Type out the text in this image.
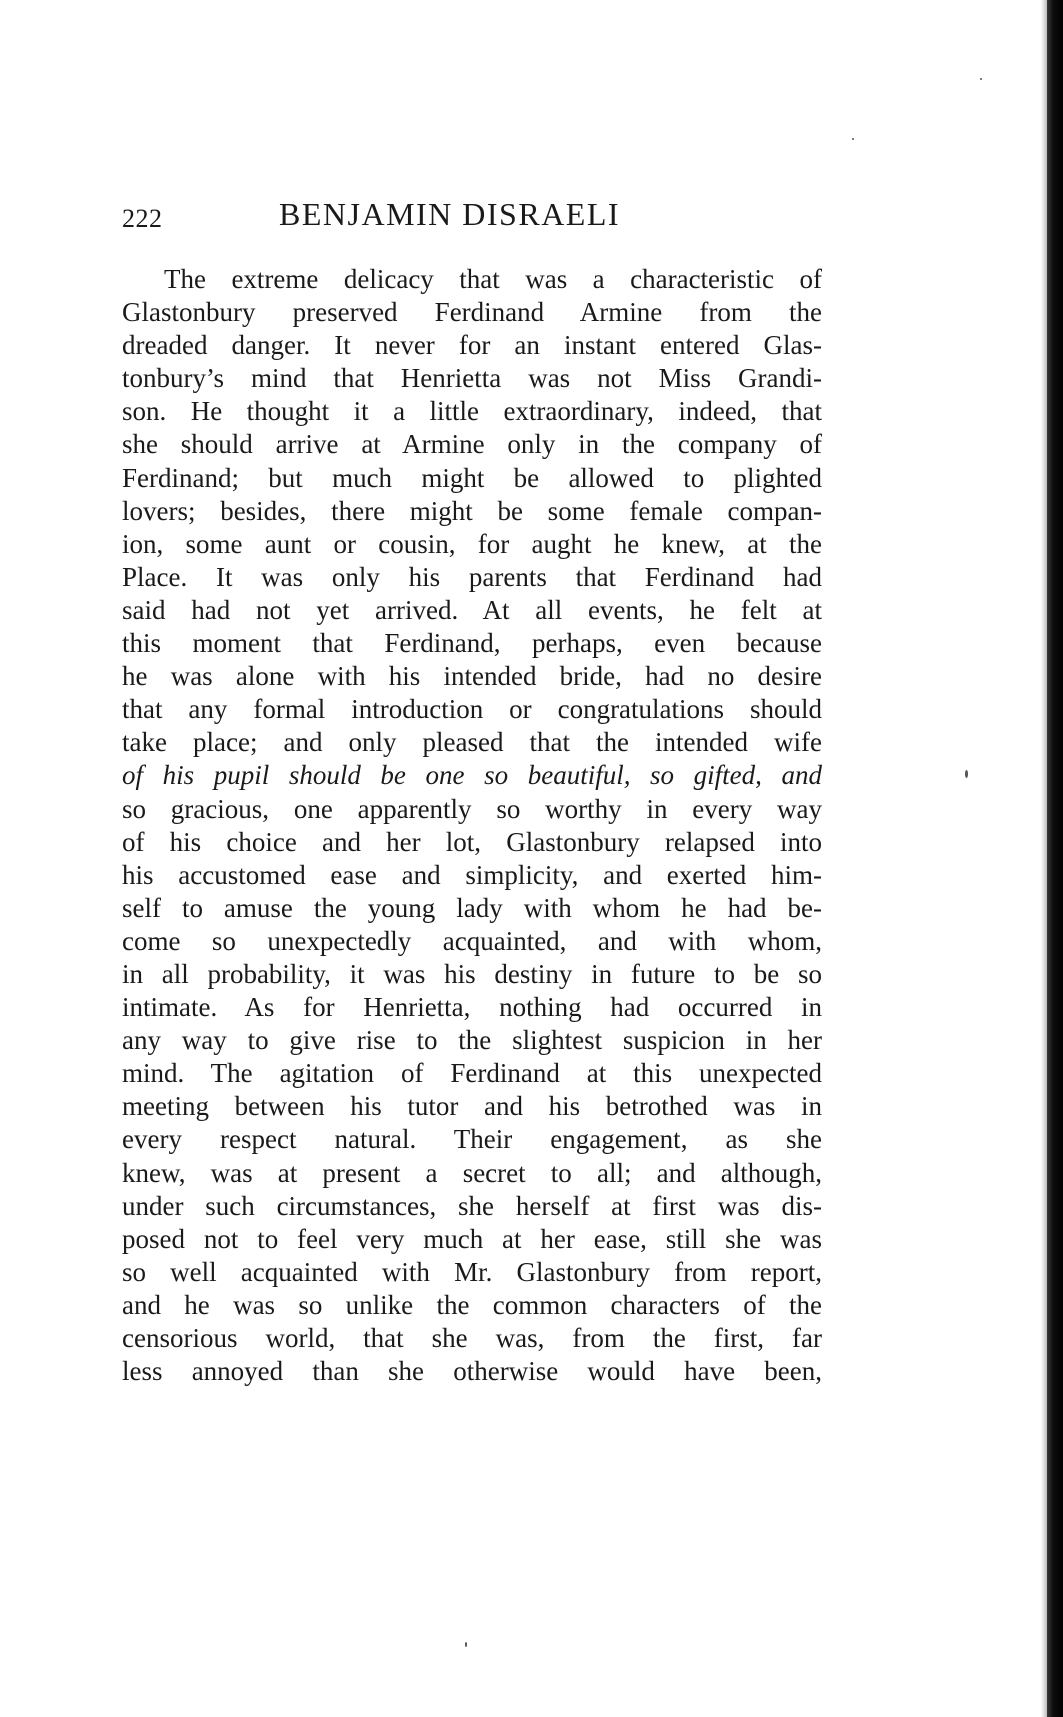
222	BENJAMIN DISRAELI
The extreme delicacy that was a characteristic of
Glastonbury preserved Ferdinand Armine from the
dreaded danger. It never for an instant entered Glas-
tonbury’s mind that Henrietta was not Miss Grandi-
son. He thought it a little extraordinary, indeed, that
she should arrive at Armine only in the company of
Ferdinand; but much might be allowed to plighted
lovers; besides, there might be some female compan-
ion, some aunt or cousin, for aught he knew, at the
Place. It was only his parents that Ferdinand had
said had not yet arrived. At all events, he felt at
this moment that Ferdinand, perhaps, even because
he was alone with his intended bride, had no desire
that any formal introduction or congratulations should
take place; and only pleased that the intended wife
of his pupil should be one so beautiful, so gifted, and
so gracious, one apparently so worthy in every way
of his choice and her lot, Glastonbury relapsed into
his accustomed ease and simplicity, and exerted him-
self to amuse the young lady with whom he had be-
come so unexpectedly acquainted, and with whom,
in all probability, it was his destiny in future to be so
intimate. As for Henrietta, nothing had occurred in
any way to give rise to the slightest suspicion in her
mind. The agitation of Ferdinand at this unexpected
meeting between his tutor and his betrothed was in
every respect natural. Their engagement, as she
knew, was at present a secret to all; and although,
under such circumstances, she herself at first was dis-
posed not to feel very much at her ease, still she was
so well acquainted with Mr. Glastonbury from report,
and he was so unlike the common characters of the
censorious world, that she was, from the first, far
less annoyed than she otherwise would have been,
